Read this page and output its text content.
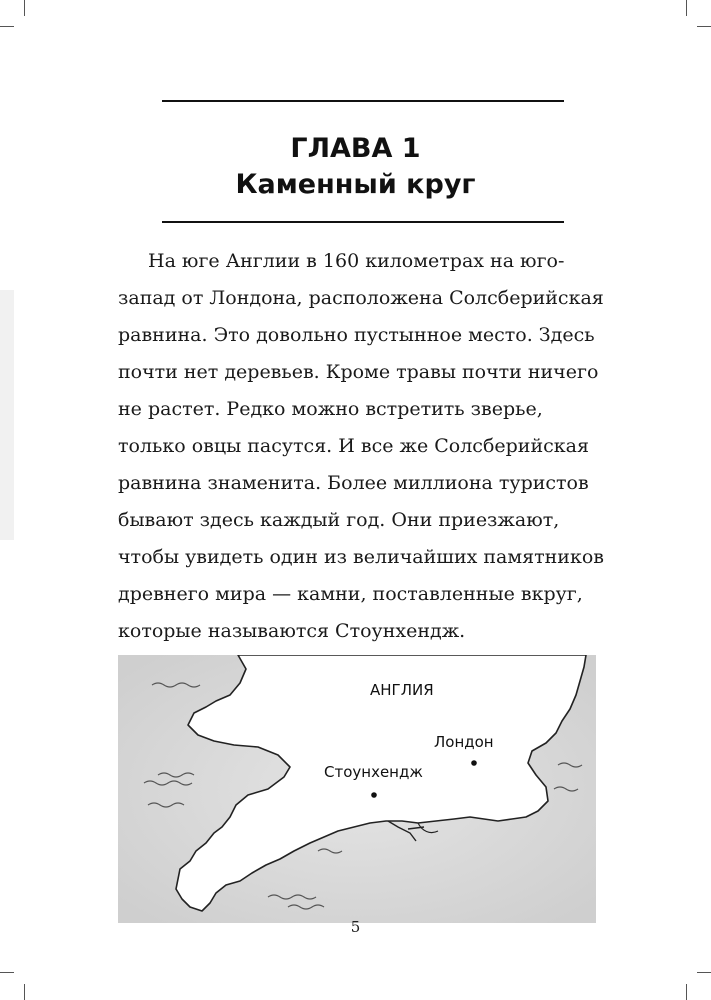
ГЛАВА 1
Каменный круг
На юге Англии в 160 километрах на юго-
запад от Лондона, расположена Солсберийская
равнина. Это довольно пустынное место. Здесь
почти нет деревьев. Кроме травы почти ничего
не растет. Редко можно встретить зверье,
только овцы пасутся. И все же Солсберийская
равнина знаменита. Более миллиона туристов
бывают здесь каждый год. Они приезжают,
чтобы увидеть один из величайших памятников
древнего мира — камни, поставленные вкруг,
которые называются Стоунхендж.
АНГЛИЯ
Лондон
Стоунхендж
5
